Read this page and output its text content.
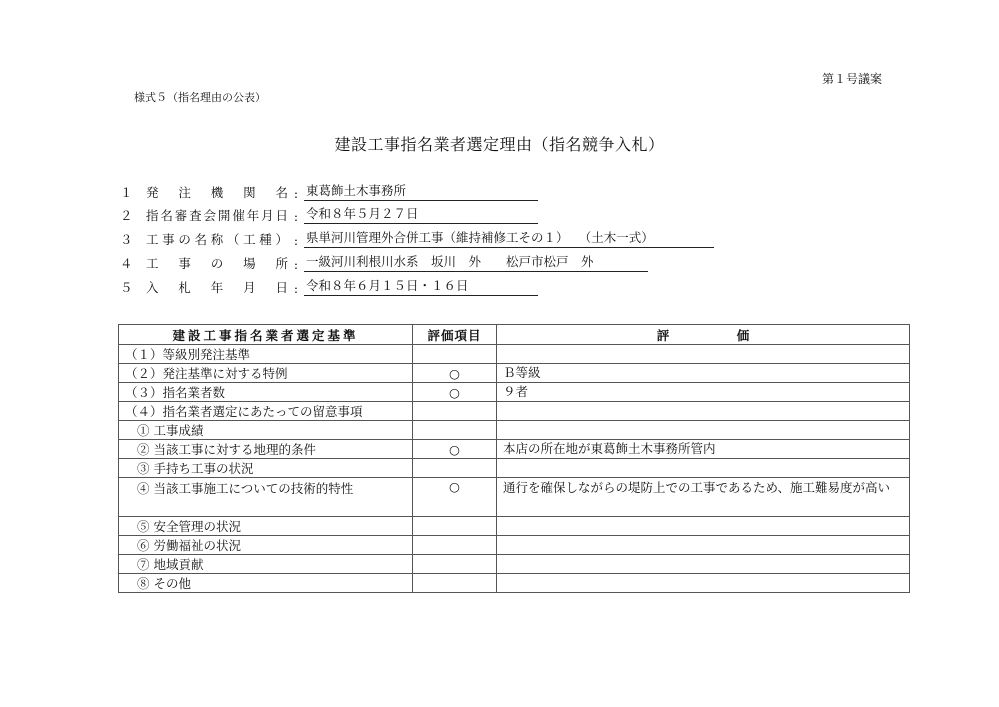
第１号議案
様式５（指名理由の公表）
建設工事指名業者選定理由（指名競争入札）
１	発注機関名 : 東葛飾土木事務所
２	指名審査会開催年月日 : 令和８年５月２７日
３	工事の名称（工種） : 県単河川管理外合併工事（維持補修工その１）　 （土木一式）
４	工事の場所 : 一級河川利根川水系　坂川　外　　松戸市松戸　外
５	入札年月日 : 令和８年６月１５日・１６日
建設工事指名業者選定基準	評価項目	評 価

（１）等級別発注基準		
（２）発注基準に対する特例	○	Ｂ等級
（３）指名業者数	○	９者
（４）指名業者選定にあたっての留意事項		
① 工事成績		
② 当該工事に対する地理的条件	○	本店の所在地が東葛飾土木事務所管内
③ 手持ち工事の状況		
④ 当該工事施工についての技術的特性	○	通行を確保しながらの堤防上での工事であるため、施工難易度が高い
⑤ 安全管理の状況		
⑥ 労働福祉の状況		
⑦ 地域貢献		
⑧ その他		
